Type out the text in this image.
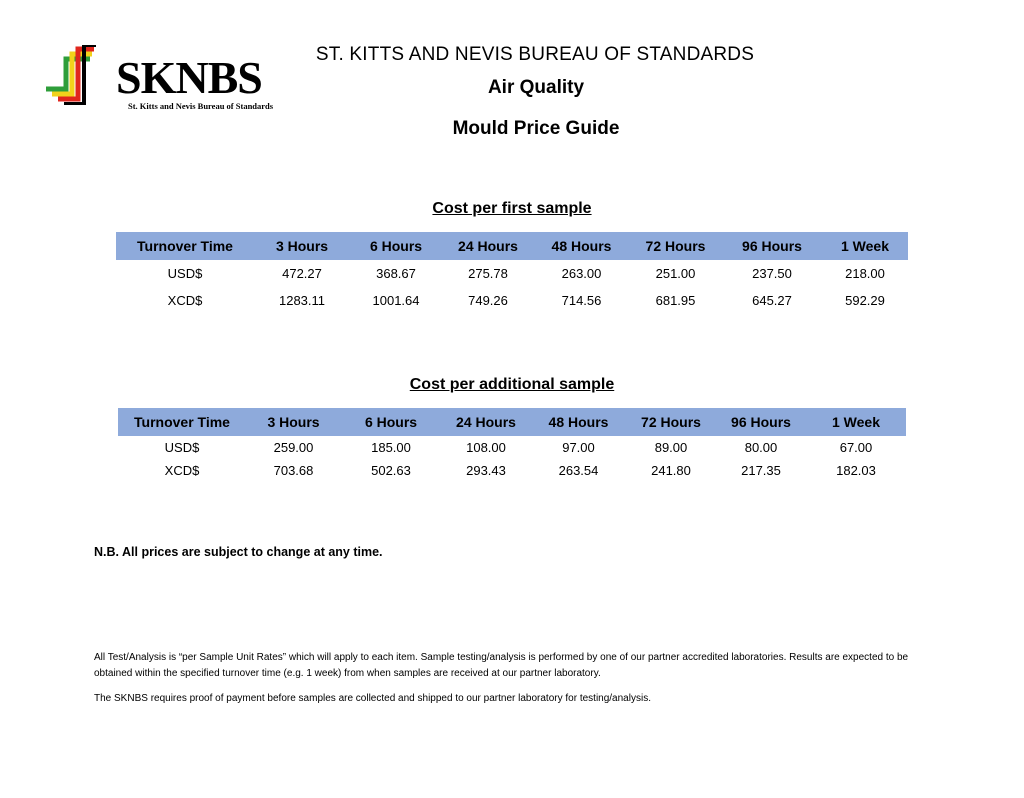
SKNBS
St. Kitts and Nevis Bureau of Standards
ST. KITTS AND NEVIS BUREAU OF STANDARDS
Air Quality
Mould Price Guide
Cost per first sample
Turnover Time	3 Hours	6 Hours	24 Hours	48 Hours	72 Hours	96 Hours	1 Week
USD$	472.27	368.67	275.78	263.00	251.00	237.50	218.00
XCD$	1283.11	1001.64	749.26	714.56	681.95	645.27	592.29
Cost per additional sample
Turnover Time	3 Hours	6 Hours	24 Hours	48 Hours	72 Hours	96 Hours	1 Week
USD$	259.00	185.00	108.00	97.00	89.00	80.00	67.00
XCD$	703.68	502.63	293.43	263.54	241.80	217.35	182.03
N.B. All prices are subject to change at any time.
All Test/Analysis is “per Sample Unit Rates” which will apply to each item. Sample testing/analysis is performed by one of our partner accredited laboratories. Results are expected to be obtained within the specified turnover time (e.g. 1 week) from when samples are received at our partner laboratory.
The SKNBS requires proof of payment before samples are collected and shipped to our partner laboratory for testing/analysis.
